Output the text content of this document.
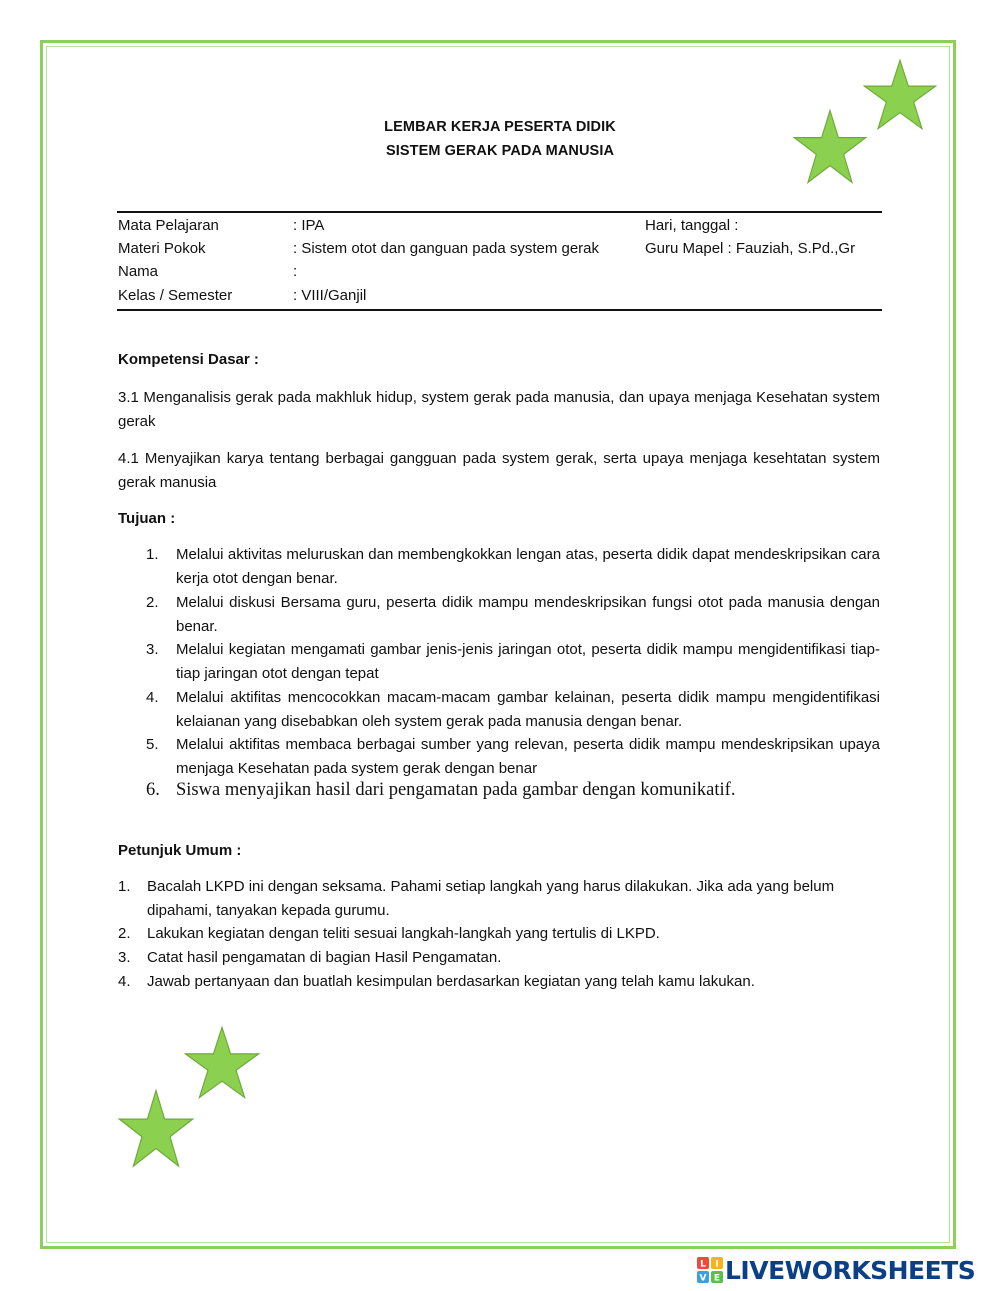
LEMBAR KERJA PESERTA DIDIK
SISTEM GERAK PADA MANUSIA
Mata Pelajaran	: IPA	Hari, tanggal :
Materi Pokok	: Sistem otot dan ganguan pada system gerak	Guru Mapel : Fauziah, S.Pd.,Gr
Nama	:
Kelas / Semester	: VIII/Ganjil
Kompetensi Dasar :
3.1 Menganalisis gerak pada makhluk hidup, system gerak pada manusia, dan upaya menjaga Kesehatan system gerak
4.1 Menyajikan karya tentang berbagai gangguan pada system gerak, serta upaya menjaga kesehtatan system gerak manusia
Tujuan :
1. Melalui aktivitas meluruskan dan membengkokkan lengan atas, peserta didik dapat mendeskripsikan cara kerja otot dengan benar.
2. Melalui diskusi Bersama guru, peserta didik mampu mendeskripsikan fungsi otot pada manusia dengan benar.
3. Melalui kegiatan mengamati gambar jenis-jenis jaringan otot, peserta didik mampu mengidentifikasi tiap-tiap jaringan otot dengan tepat
4. Melalui aktifitas mencocokkan macam-macam gambar kelainan, peserta didik mampu mengidentifikasi kelaianan yang disebabkan oleh system gerak pada manusia dengan benar.
5. Melalui aktifitas membaca berbagai sumber yang relevan, peserta didik mampu mendeskripsikan upaya menjaga Kesehatan pada system gerak dengan benar
6. Siswa menyajikan hasil dari pengamatan pada gambar dengan komunikatif.
Petunjuk Umum :
1. Bacalah LKPD ini dengan seksama. Pahami setiap langkah yang harus dilakukan. Jika ada yang belum dipahami, tanyakan kepada gurumu.
2. Lakukan kegiatan dengan teliti sesuai langkah-langkah yang tertulis di LKPD.
3. Catat hasil pengamatan di bagian Hasil Pengamatan.
4. Jawab pertanyaan dan buatlah kesimpulan berdasarkan kegiatan yang telah kamu lakukan.
L I
V E LIVEWORKSHEETS
